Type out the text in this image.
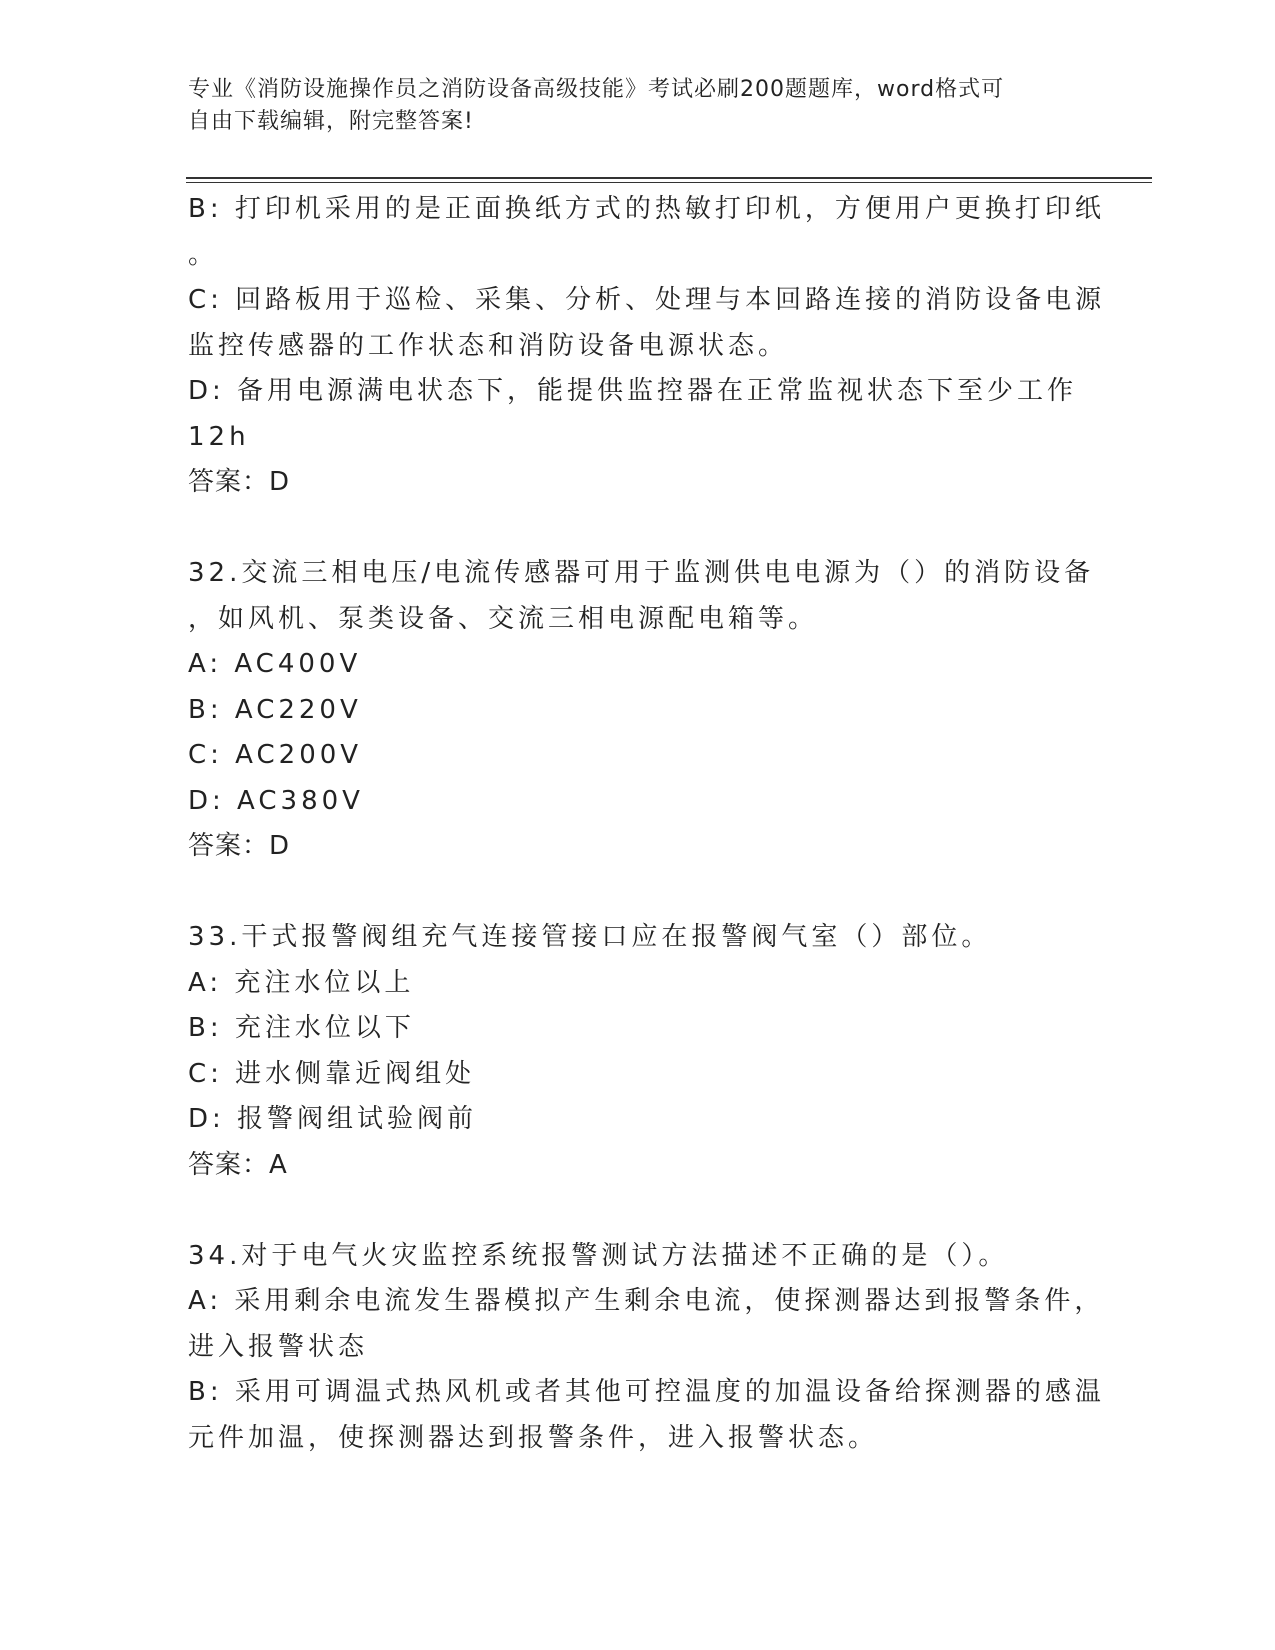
专业《消防设施操作员之消防设备高级技能》考试必刷200题题库，word格式可
自由下载编辑，附完整答案!
B: 打印机采用的是正面换纸方式的热敏打印机，方便用户更换打印纸
。
C: 回路板用于巡检、采集、分析、处理与本回路连接的消防设备电源
监控传感器的工作状态和消防设备电源状态。
D: 备用电源满电状态下，能提供监控器在正常监视状态下至少工作
12h
答案：D
32.交流三相电压/电流传感器可用于监测供电电源为（）的消防设备
，如风机、泵类设备、交流三相电源配电箱等。
A: AC400V
B: AC220V
C: AC200V
D: AC380V
答案：D
33.干式报警阀组充气连接管接口应在报警阀气室（）部位。
A: 充注水位以上
B: 充注水位以下
C: 进水侧靠近阀组处
D: 报警阀组试验阀前
答案：A
34.对于电气火灾监控系统报警测试方法描述不正确的是（）。
A: 采用剩余电流发生器模拟产生剩余电流，使探测器达到报警条件，
进入报警状态
B: 采用可调温式热风机或者其他可控温度的加温设备给探测器的感温
元件加温，使探测器达到报警条件，进入报警状态。
